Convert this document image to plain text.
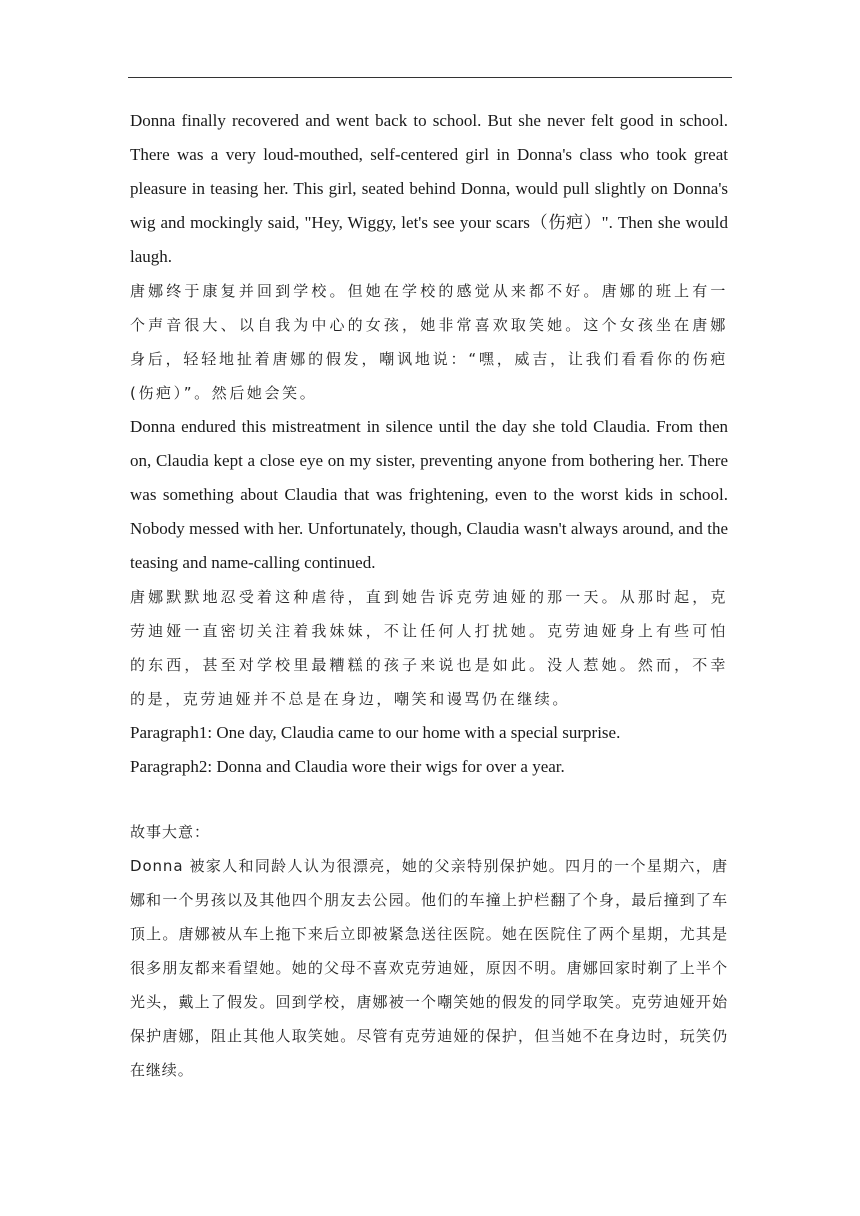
Donna finally recovered and went back to school. But she never felt good in school. There was a very loud-mouthed, self-centered girl in Donna's class who took great pleasure in teasing her. This girl, seated behind Donna, would pull slightly on Donna's wig and mockingly said, "Hey, Wiggy, let's see your scars（伤疤）". Then she would laugh.

唐娜终于康复并回到学校。但她在学校的感觉从来都不好。唐娜的班上有一个声音很大、以自我为中心的女孩，她非常喜欢取笑她。这个女孩坐在唐娜身后，轻轻地扯着唐娜的假发，嘲讽地说：“嘿，威吉，让我们看看你的伤疤(伤疤）”。然后她会笑。

Donna endured this mistreatment in silence until the day she told Claudia. From then on, Claudia kept a close eye on my sister, preventing anyone from bothering her. There was something about Claudia that was frightening, even to the worst kids in school. Nobody messed with her. Unfortunately, though, Claudia wasn't always around, and the teasing and name-calling continued.

唐娜默默地忍受着这种虐待，直到她告诉克劳迪娅的那一天。从那时起，克劳迪娅一直密切关注着我妹妹，不让任何人打扰她。克劳迪娅身上有些可怕的东西，甚至对学校里最糟糕的孩子来说也是如此。没人惹她。然而，不幸的是，克劳迪娅并不总是在身边，嘲笑和谩骂仍在继续。

Paragraph1: One day, Claudia came to our home with a special surprise.

Paragraph2: Donna and Claudia wore their wigs for over a year.

故事大意：

Donna 被家人和同龄人认为很漂亮，她的父亲特别保护她。四月的一个星期六，唐娜和一个男孩以及其他四个朋友去公园。他们的车撞上护栏翻了个身，最后撞到了车顶上。唐娜被从车上拖下来后立即被紧急送往医院。她在医院住了两个星期，尤其是很多朋友都来看望她。她的父母不喜欢克劳迪娅，原因不明。唐娜回家时剃了上半个光头，戴上了假发。回到学校，唐娜被一个嘲笑她的假发的同学取笑。克劳迪娅开始保护唐娜，阻止其他人取笑她。尽管有克劳迪娅的保护，但当她不在身边时，玩笑仍在继续。
